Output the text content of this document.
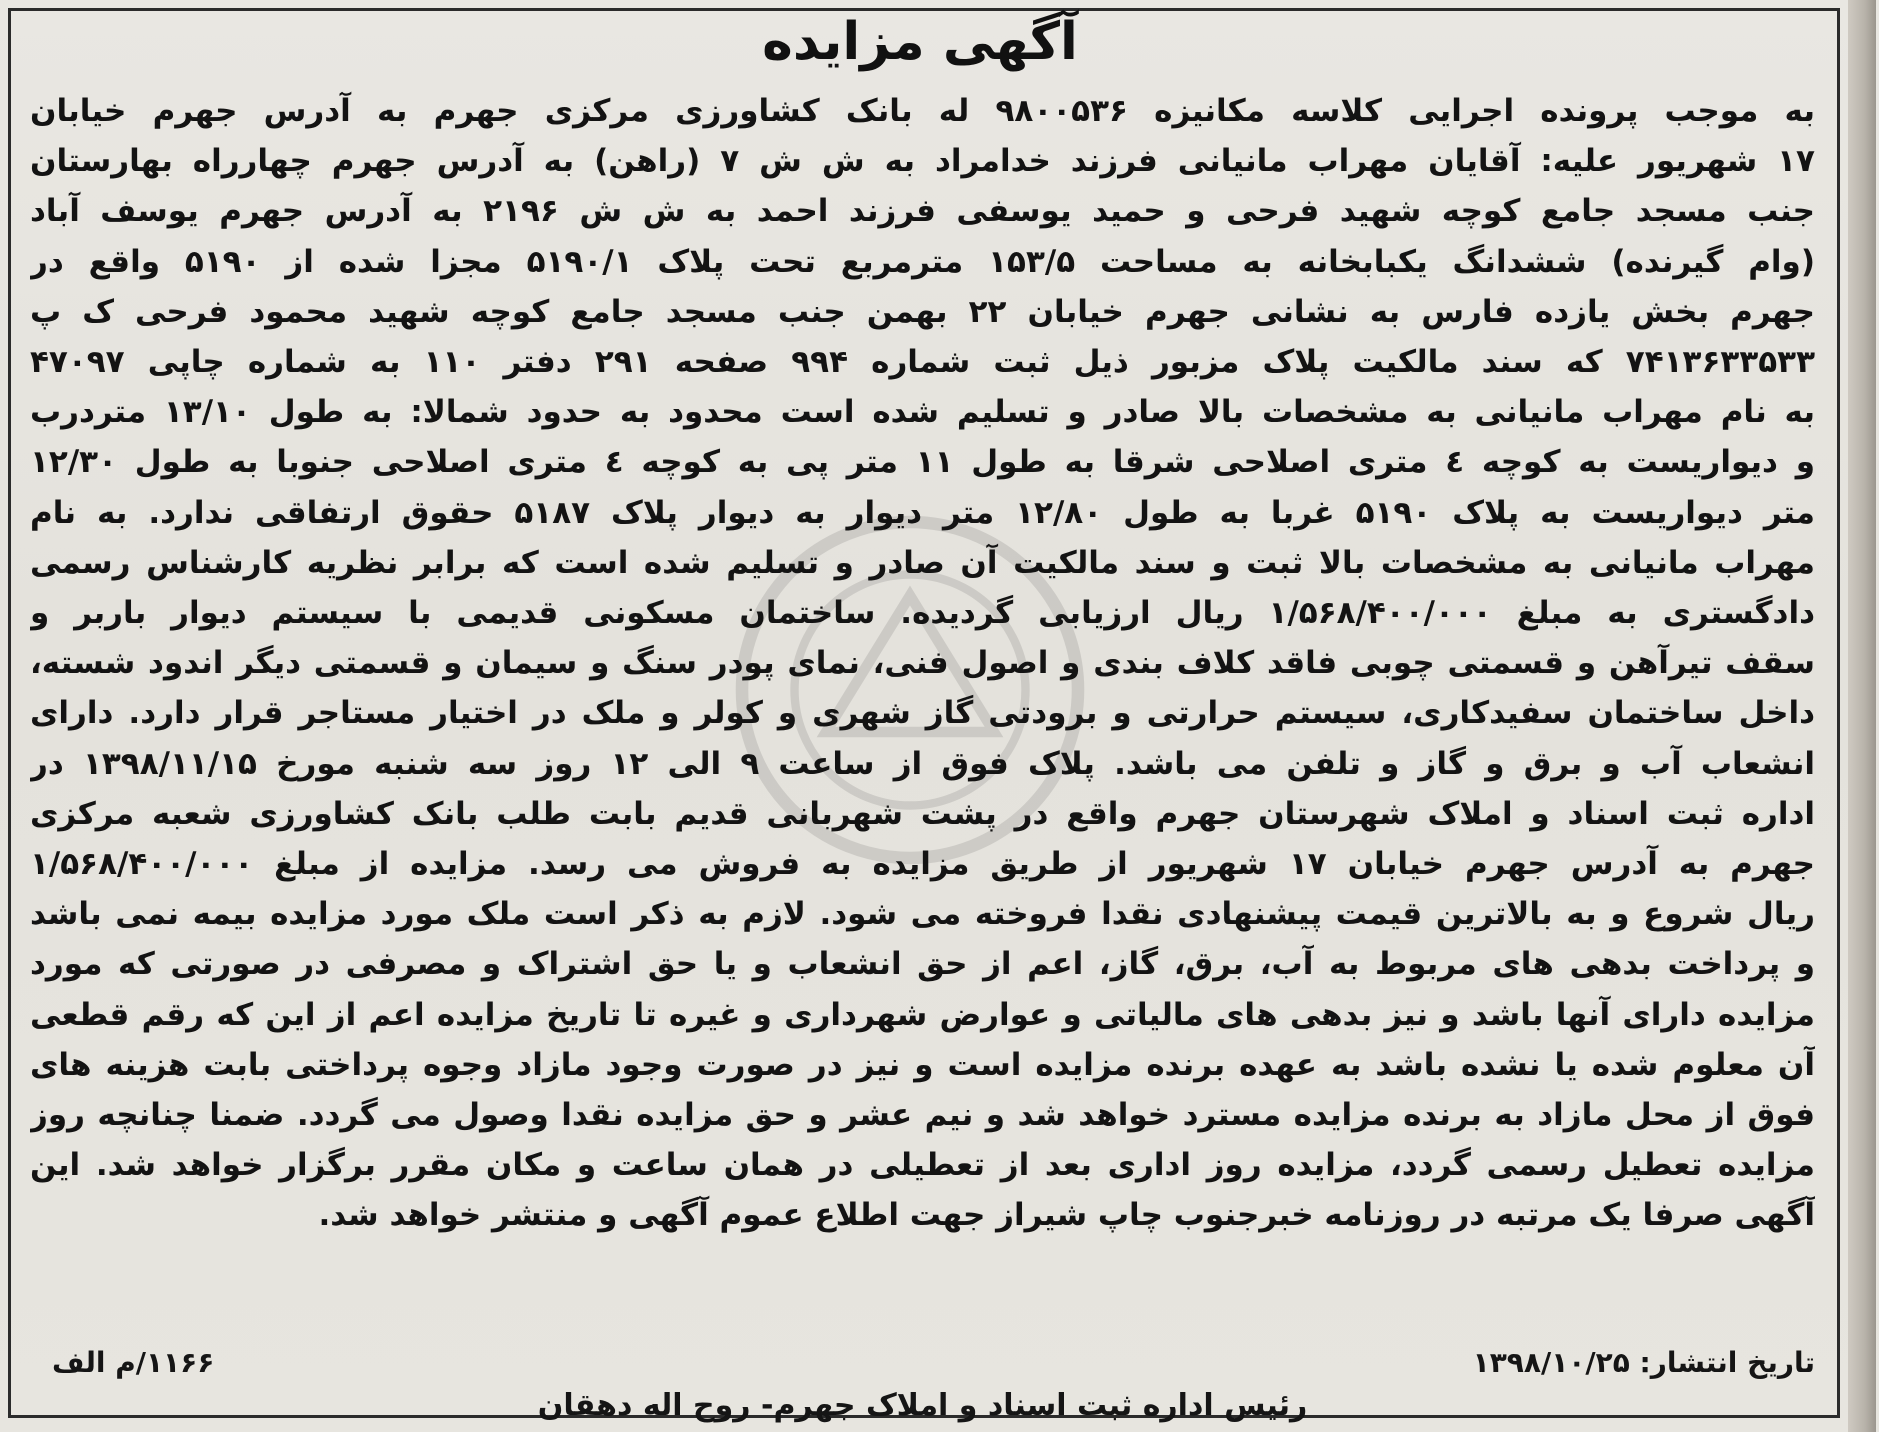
آگهی مزایده
به موجب پرونده اجرایی کلاسه مکانیزه ۹۸۰۰۵۳۶ له بانک کشاورزی مرکزی جهرم به آدرس جهرم خیابان
۱۷ شهریور علیه: آقایان مهراب مانیانی فرزند خدامراد به ش ش ۷ (راهن) به آدرس جهرم چهارراه بهارستان
جنب مسجد جامع کوچه شهید فرحی و حمید یوسفی فرزند احمد به ش ش ۲۱۹۶ به آدرس جهرم یوسف آباد
(وام گیرنده) ششدانگ یکبابخانه به مساحت ۱۵۳/۵ مترمربع تحت پلاک ۵۱۹۰/۱ مجزا شده از ۵۱۹۰ واقع در
جهرم بخش یازده فارس به نشانی جهرم خیابان ۲۲ بهمن جنب مسجد جامع کوچه شهید محمود فرحی ک پ
۷۴۱۳۶۳۳۵۳۳ که سند مالکیت پلاک مزبور ذیل ثبت شماره ۹۹۴ صفحه ۲۹۱ دفتر ۱۱۰ به شماره چاپی ۴۷۰۹۷
به نام مهراب مانیانی به مشخصات بالا صادر و تسلیم شده است محدود به حدود شمالا: به طول ۱۳/۱۰ متردرب
و دیواریست به کوچه ٤ متری اصلاحی شرقا به طول ۱۱ متر پی به کوچه ٤ متری اصلاحی جنوبا به طول ۱۲/۳۰
متر دیواریست به پلاک ۵۱۹۰ غربا به طول ۱۲/۸۰ متر دیوار به دیوار پلاک ۵۱۸۷ حقوق ارتفاقی ندارد. به نام
مهراب مانیانی به مشخصات بالا ثبت و سند مالکیت آن صادر و تسلیم شده است که برابر نظریه کارشناس رسمی
دادگستری به مبلغ ۱/۵۶۸/۴۰۰/۰۰۰ ریال ارزیابی گردیده. ساختمان مسکونی قدیمی با سیستم دیوار باربر و
سقف تیرآهن و قسمتی چوبی فاقد کلاف بندی و اصول فنی، نمای پودر سنگ و سیمان و قسمتی دیگر اندود شسته،
داخل ساختمان سفیدکاری، سیستم حرارتی و برودتی گاز شهری و کولر و ملک در اختیار مستاجر قرار دارد. دارای
انشعاب آب و برق و گاز و تلفن می باشد. پلاک فوق از ساعت ۹ الی ۱۲ روز سه شنبه مورخ ۱۳۹۸/۱۱/۱۵ در
اداره ثبت اسناد و املاک شهرستان جهرم واقع در پشت شهربانی قدیم بابت طلب بانک کشاورزی شعبه مرکزی
جهرم به آدرس جهرم خیابان ۱۷ شهریور از طریق مزایده به فروش می رسد. مزایده از مبلغ ۱/۵۶۸/۴۰۰/۰۰۰
ریال شروع و به بالاترین قیمت پیشنهادی نقدا فروخته می شود. لازم به ذکر است ملک مورد مزایده بیمه نمی باشد
و پرداخت بدهی های مربوط به آب، برق، گاز، اعم از حق انشعاب و یا حق اشتراک و مصرفی در صورتی که مورد
مزایده دارای آنها باشد و نیز بدهی های مالیاتی و عوارض شهرداری و غیره تا تاریخ مزایده اعم از این که رقم قطعی
آن معلوم شده یا نشده باشد به عهده برنده مزایده است و نیز در صورت وجود مازاد وجوه پرداختی بابت هزینه های
فوق از محل مازاد به برنده مزایده مسترد خواهد شد و نیم عشر و حق مزایده نقدا وصول می گردد. ضمنا چنانچه روز
مزایده تعطیل رسمی گردد، مزایده روز اداری بعد از تعطیلی در همان ساعت و مکان مقرر برگزار خواهد شد. این
آگهی صرفا یک مرتبه در روزنامه خبرجنوب چاپ شیراز جهت اطلاع عموم آگهی و منتشر خواهد شد.
تاریخ انتشار: ۱۳۹۸/۱۰/۲۵
۱۱۶۶/م الف
رئیس اداره ثبت اسناد و املاک جهرم- روح اله دهقان
